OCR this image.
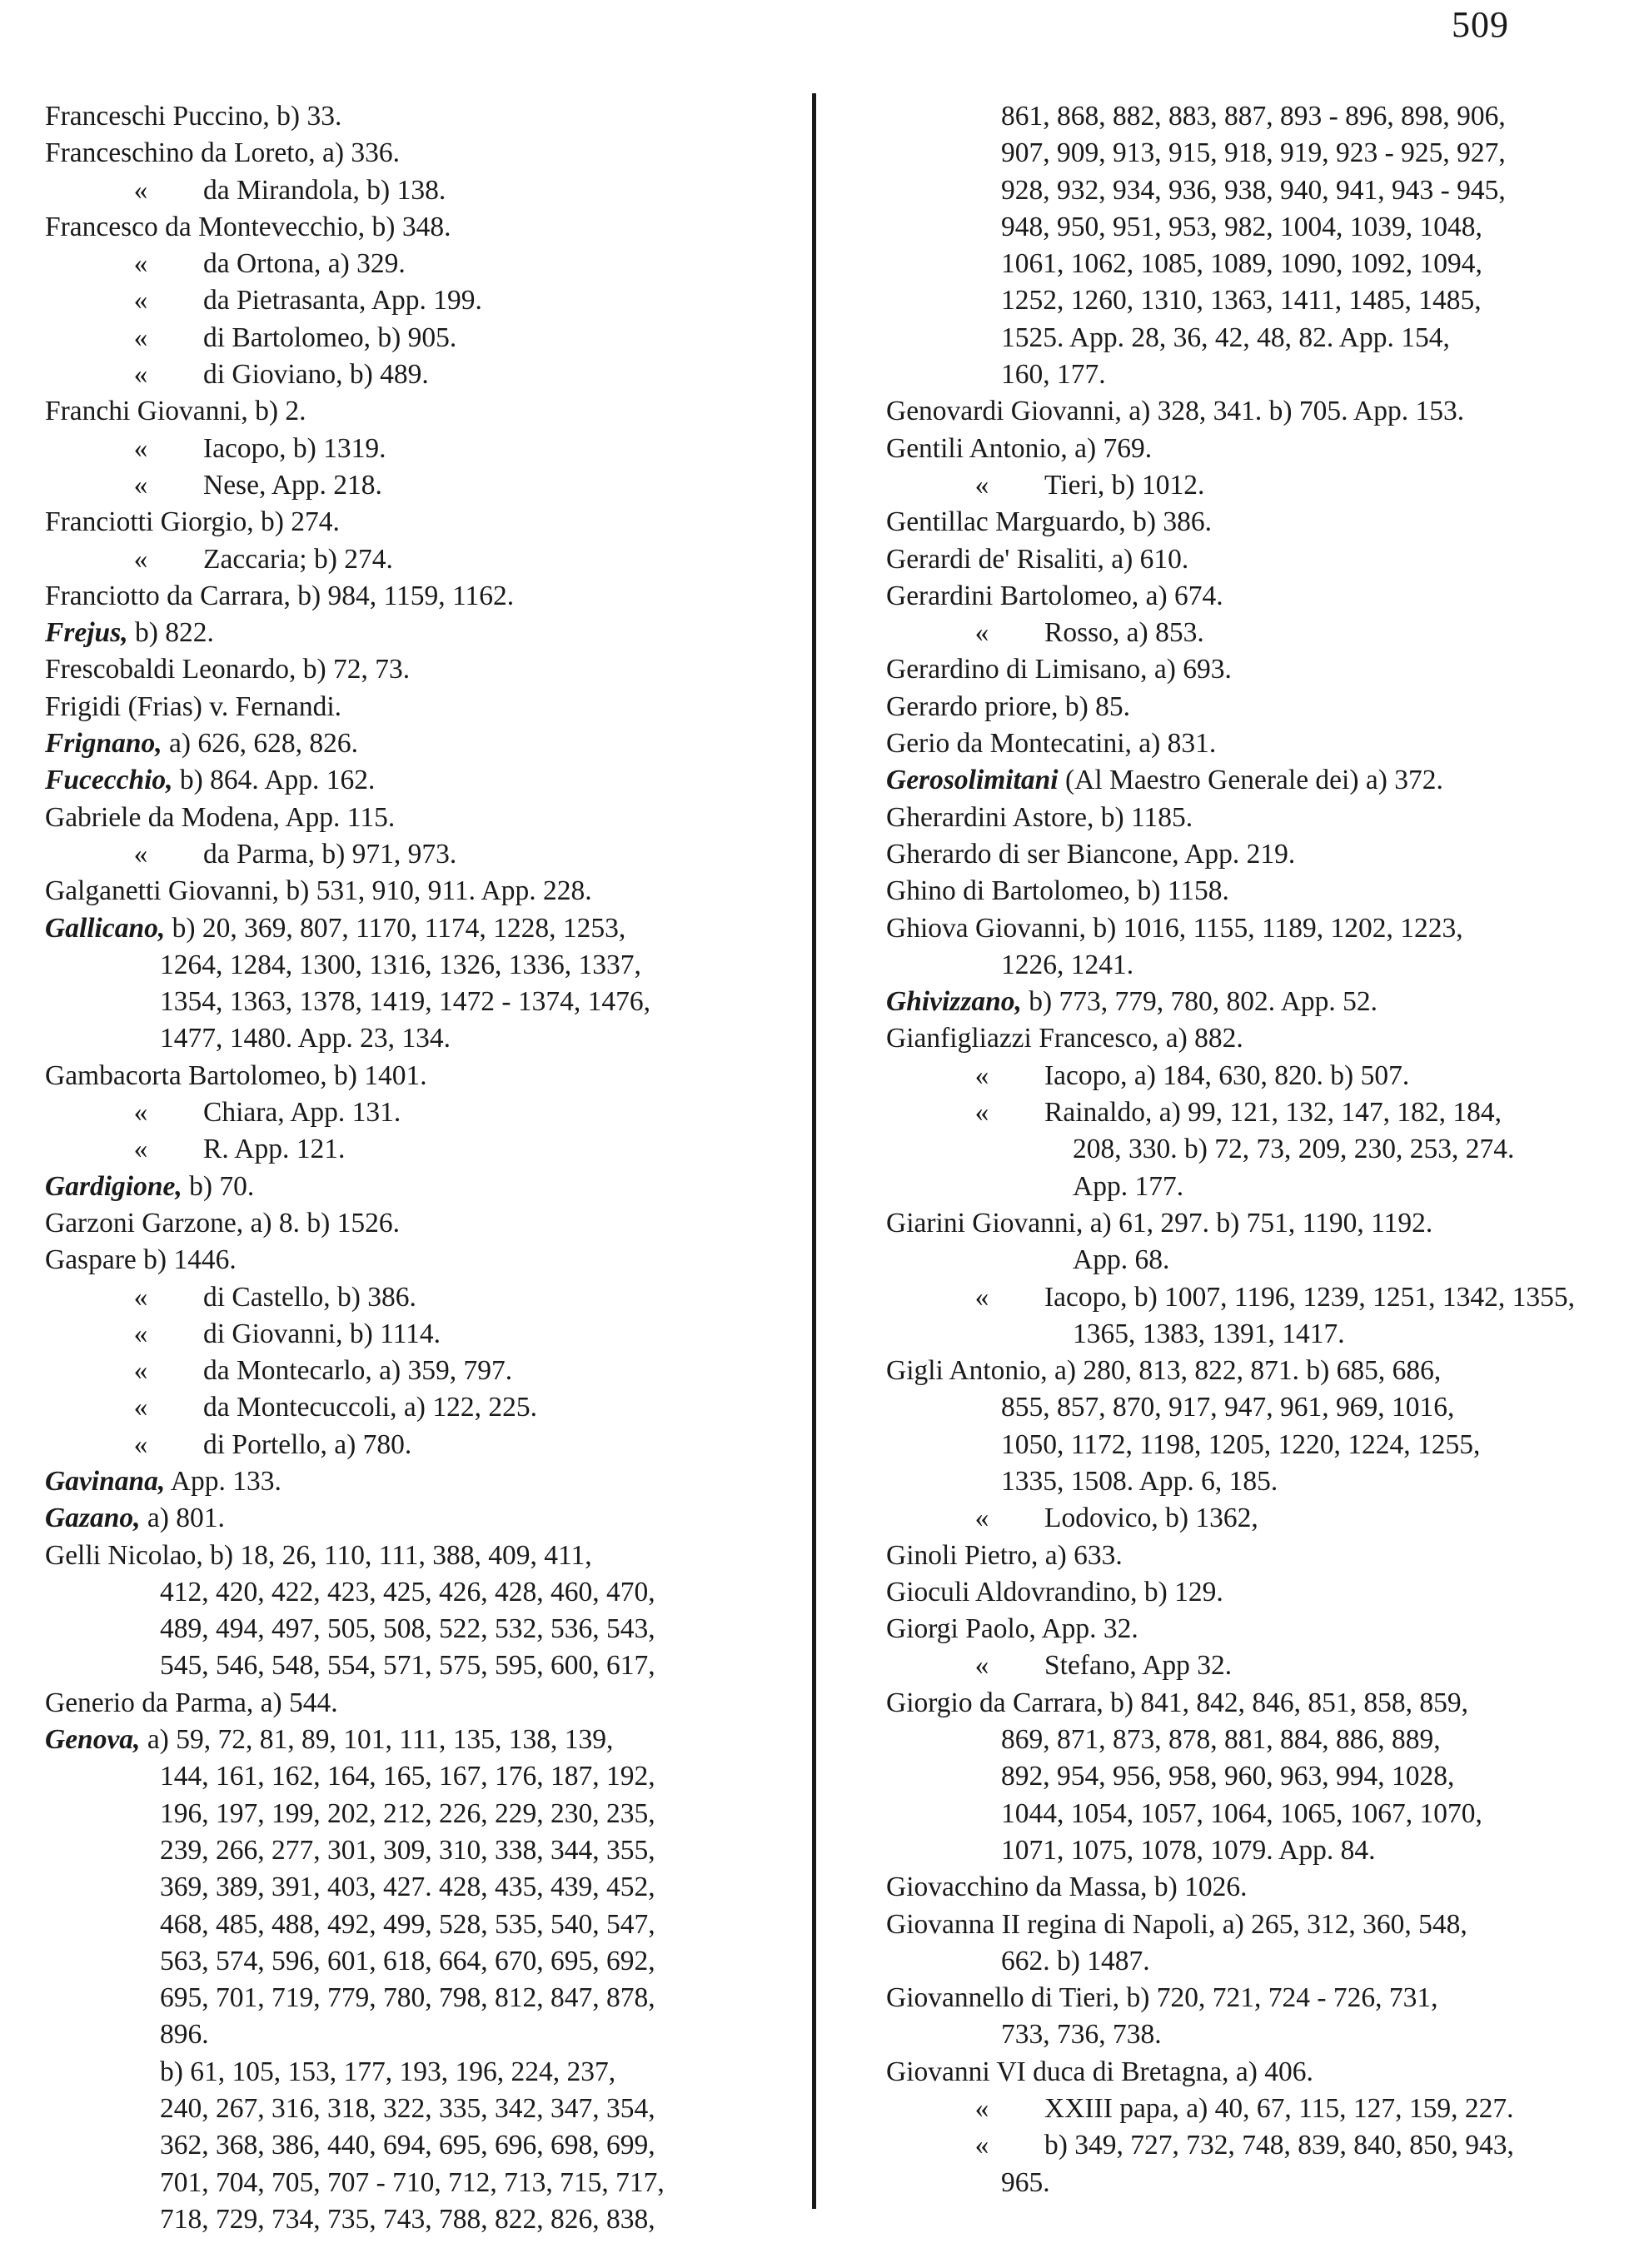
509
Franceschi Puccino, b) 33.
Franceschino da Loreto, a) 336.
« da Mirandola, b) 138.
Francesco da Montevecchio, b) 348.
« da Ortona, a) 329.
« da Pietrasanta, App. 199.
« di Bartolomeo, b) 905.
« di Gioviano, b) 489.
Franchi Giovanni, b) 2.
« Iacopo, b) 1319.
« Nese, App. 218.
Franciotti Giorgio, b) 274.
« Zaccaria; b) 274.
Franciotto da Carrara, b) 984, 1159, 1162.
Frejus, b) 822.
Frescobaldi Leonardo, b) 72, 73.
Frigidi (Frias) v. Fernandi.
Frignano, a) 626, 628, 826.
Fucecchio, b) 864. App. 162.
Gabriele da Modena, App. 115.
« da Parma, b) 971, 973.
Galganetti Giovanni, b) 531, 910, 911. App. 228.
Gallicano, b) 20, 369, 807, 1170, 1174, 1228, 1253,
1264, 1284, 1300, 1316, 1326, 1336, 1337,
1354, 1363, 1378, 1419, 1472 - 1374, 1476,
1477, 1480. App. 23, 134.
Gambacorta Bartolomeo, b) 1401.
« Chiara, App. 131.
« R. App. 121.
Gardigione, b) 70.
Garzoni Garzone, a) 8. b) 1526.
Gaspare b) 1446.
« di Castello, b) 386.
« di Giovanni, b) 1114.
« da Montecarlo, a) 359, 797.
« da Montecuccoli, a) 122, 225.
« di Portello, a) 780.
Gavinana, App. 133.
Gazano, a) 801.
Gelli Nicolao, b) 18, 26, 110, 111, 388, 409, 411,
412, 420, 422, 423, 425, 426, 428, 460, 470,
489, 494, 497, 505, 508, 522, 532, 536, 543,
545, 546, 548, 554, 571, 575, 595, 600, 617,
Generio da Parma, a) 544.
Genova, a) 59, 72, 81, 89, 101, 111, 135, 138, 139,
144, 161, 162, 164, 165, 167, 176, 187, 192,
196, 197, 199, 202, 212, 226, 229, 230, 235,
239, 266, 277, 301, 309, 310, 338, 344, 355,
369, 389, 391, 403, 427. 428, 435, 439, 452,
468, 485, 488, 492, 499, 528, 535, 540, 547,
563, 574, 596, 601, 618, 664, 670, 695, 692,
695, 701, 719, 779, 780, 798, 812, 847, 878,
896.
b) 61, 105, 153, 177, 193, 196, 224, 237,
240, 267, 316, 318, 322, 335, 342, 347, 354,
362, 368, 386, 440, 694, 695, 696, 698, 699,
701, 704, 705, 707 - 710, 712, 713, 715, 717,
718, 729, 734, 735, 743, 788, 822, 826, 838,
861, 868, 882, 883, 887, 893 - 896, 898, 906,
907, 909, 913, 915, 918, 919, 923 - 925, 927,
928, 932, 934, 936, 938, 940, 941, 943 - 945,
948, 950, 951, 953, 982, 1004, 1039, 1048,
1061, 1062, 1085, 1089, 1090, 1092, 1094,
1252, 1260, 1310, 1363, 1411, 1485, 1485,
1525. App. 28, 36, 42, 48, 82. App. 154,
160, 177.
Genovardi Giovanni, a) 328, 341. b) 705. App. 153.
Gentili Antonio, a) 769.
« Tieri, b) 1012.
Gentillac Marguardo, b) 386.
Gerardi de' Risaliti, a) 610.
Gerardini Bartolomeo, a) 674.
« Rosso, a) 853.
Gerardino di Limisano, a) 693.
Gerardo priore, b) 85.
Gerio da Montecatini, a) 831.
Gerosolimitani (Al Maestro Generale dei) a) 372.
Gherardini Astore, b) 1185.
Gherardo di ser Biancone, App. 219.
Ghino di Bartolomeo, b) 1158.
Ghiova Giovanni, b) 1016, 1155, 1189, 1202, 1223,
1226, 1241.
Ghivizzano, b) 773, 779, 780, 802. App. 52.
Gianfigliazzi Francesco, a) 882.
« Iacopo, a) 184, 630, 820. b) 507.
« Rainaldo, a) 99, 121, 132, 147, 182, 184,
208, 330. b) 72, 73, 209, 230, 253, 274.
App. 177.
Giarini Giovanni, a) 61, 297. b) 751, 1190, 1192.
App. 68.
« Iacopo, b) 1007, 1196, 1239, 1251, 1342, 1355,
1365, 1383, 1391, 1417.
Gigli Antonio, a) 280, 813, 822, 871. b) 685, 686,
855, 857, 870, 917, 947, 961, 969, 1016,
1050, 1172, 1198, 1205, 1220, 1224, 1255,
1335, 1508. App. 6, 185.
« Lodovico, b) 1362,
Ginoli Pietro, a) 633.
Gioculi Aldovrandino, b) 129.
Giorgi Paolo, App. 32.
« Stefano, App 32.
Giorgio da Carrara, b) 841, 842, 846, 851, 858, 859,
869, 871, 873, 878, 881, 884, 886, 889,
892, 954, 956, 958, 960, 963, 994, 1028,
1044, 1054, 1057, 1064, 1065, 1067, 1070,
1071, 1075, 1078, 1079. App. 84.
Giovacchino da Massa, b) 1026.
Giovanna II regina di Napoli, a) 265, 312, 360, 548,
662. b) 1487.
Giovannello di Tieri, b) 720, 721, 724 - 726, 731,
733, 736, 738.
Giovanni VI duca di Bretagna, a) 406.
« XXIII papa, a) 40, 67, 115, 127, 159, 227.
« b) 349, 727, 732, 748, 839, 840, 850, 943,
965.
